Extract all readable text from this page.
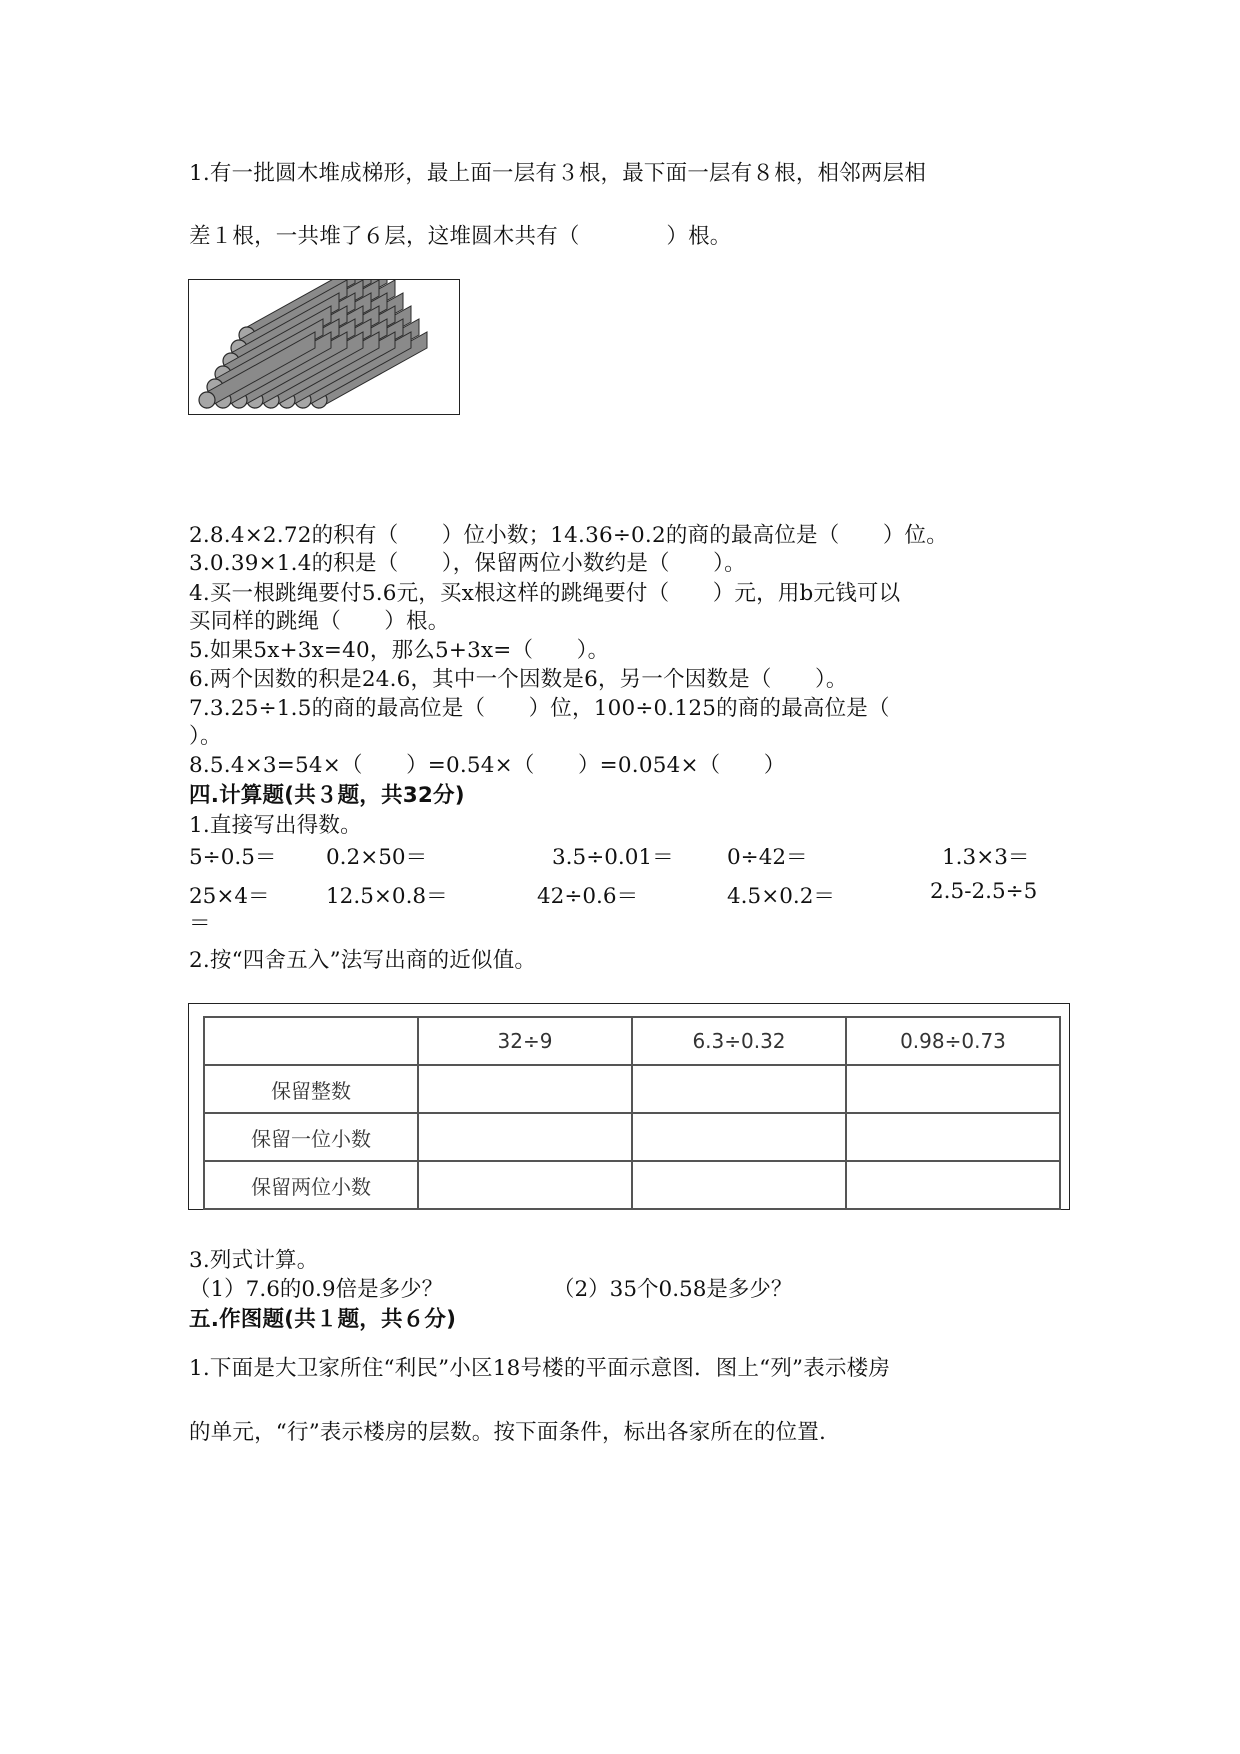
1.有一批圆木堆成梯形，最上面一层有３根，最下面一层有８根，相邻两层相
差１根，一共堆了６层，这堆圆木共有（　　　　）根。
2.8.4×2.72的积有（　　）位小数；14.36÷0.2的商的最高位是（　　）位。
3.0.39×1.4的积是（　　），保留两位小数约是（　　）。
4.买一根跳绳要付5.6元，买x根这样的跳绳要付（　　）元，用b元钱可以
买同样的跳绳（　　）根。
5.如果5x+3x=40，那么5+3x=（　　）。
6.两个因数的积是24.6，其中一个因数是6，另一个因数是（　　）。
7.3.25÷1.5的商的最高位是（　　）位，100÷0.125的商的最高位是（
）。
8.5.4×3=54×（　　）=0.54×（　　）=0.054×（　　）
四.计算题(共３题，共32分)
1.直接写出得数。
5÷0.5＝ 0.2×50＝	3.5÷0.01＝ 0÷42＝	1.3×3＝
25×4＝	12.5×0.8＝	42÷0.6＝	4.5×0.2＝	2.5-2.5÷5
＝
2.按“四舍五入”法写出商的近似值。
	32÷9	6.3÷0.32	0.98÷0.73
保留整数			
保留一位小数			
保留两位小数			
3.列式计算。
（1）7.6的0.9倍是多少？	（2）35个0.58是多少？
五.作图题(共１题，共６分)
1.下面是大卫家所住“利民”小区18号楼的平面示意图．图上“列”表示楼房
的单元，“行”表示楼房的层数。按下面条件，标出各家所在的位置.
